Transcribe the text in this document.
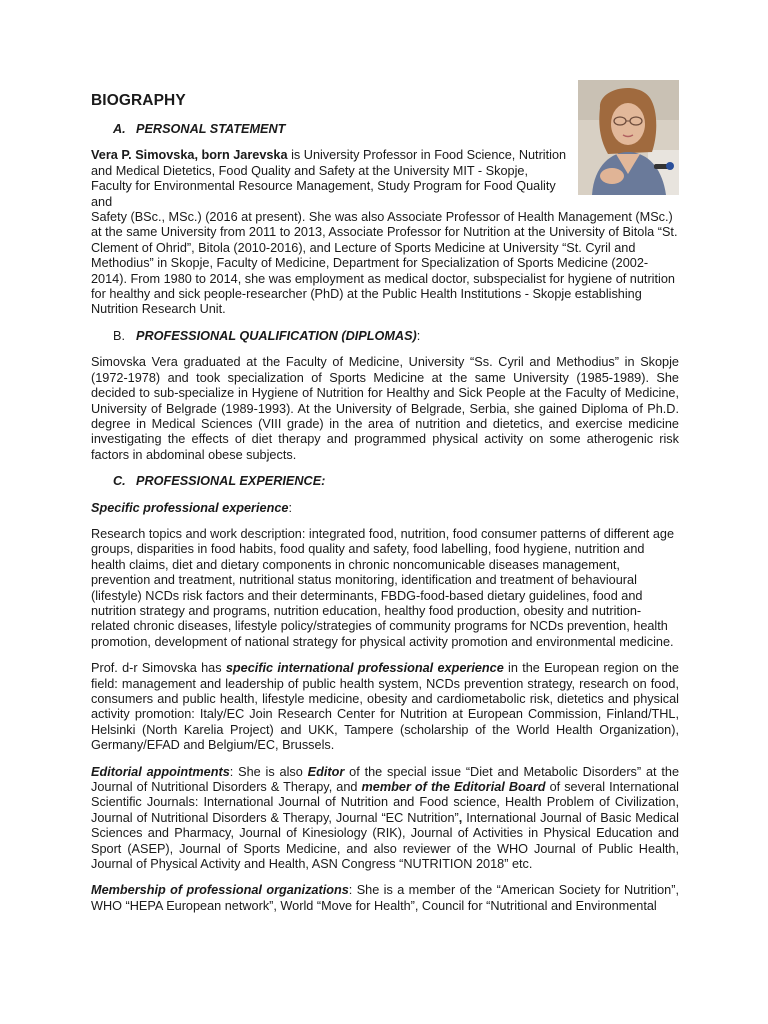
BIOGRAPHY
A. PERSONAL STATEMENT

Vera P. Simovska, born Jarevska is University Professor in Food Science, Nutrition and Medical Dietetics, Food Quality and Safety at the University MIT - Skopje, Faculty for Environmental Resource Management, Study Program for Food Quality and

Safety (BSc., MSc.) (2016 at present). She was also Associate Professor of Health Management (MSc.) at the same University from 2011 to 2013, Associate Professor for Nutrition at the University of Bitola “St. Clement of Ohrid”, Bitola (2010-2016), and Lecture of Sports Medicine at University “St. Cyril and Methodius” in Skopje, Faculty of Medicine, Department for Specialization of Sports Medicine (2002-2014). From 1980 to 2014, she was employment as medical doctor, subspecialist for hygiene of nutrition for healthy and sick people-researcher (PhD) at the Public Health Institutions - Skopje establishing Nutrition Research Unit.

B. PROFESSIONAL QUALIFICATION (DIPLOMAS):

Simovska Vera graduated at the Faculty of Medicine, University “Ss. Cyril and Methodius” in Skopje (1972-1978) and took specialization of Sports Medicine at the same University (1985-1989). She decided to sub-specialize in Hygiene of Nutrition for Healthy and Sick People at the Faculty of Medicine, University of Belgrade (1989-1993). At the University of Belgrade, Serbia, she gained Diploma of Ph.D. degree in Medical Sciences (VIII grade) in the area of nutrition and dietetics, and exercise medicine investigating the effects of diet therapy and programmed physical activity on some atherogenic risk factors in abdominal obese subjects.

C. PROFESSIONAL EXPERIENCE:

Specific professional experience:

Research topics and work description: integrated food, nutrition, food consumer patterns of different age groups, disparities in food habits, food quality and safety, food labelling, food hygiene, nutrition and health claims, diet and dietary components in chronic noncomunicable diseases management, prevention and treatment, nutritional status monitoring, identification and treatment of behavioural (lifestyle) NCDs risk factors and their determinants, FBDG-food-based dietary guidelines, food and nutrition strategy and programs, nutrition education, healthy food production, obesity and nutrition-related chronic diseases, lifestyle policy/strategies of community programs for NCDs prevention, health promotion, development of national strategy for physical activity promotion and environmental medicine.

Prof. d-r Simovska has specific international professional experience in the European region on the field: management and leadership of public health system, NCDs prevention strategy, research on food, consumers and public health, lifestyle medicine, obesity and cardiometabolic risk, dietetics and physical activity promotion: Italy/EC Join Research Center for Nutrition at European Commission, Finland/THL, Helsinki (North Karelia Project) and UKK, Tampere (scholarship of the World Health Organization), Germany/EFAD and Belgium/EC, Brussels.

Editorial appointments: She is also Editor of the special issue “Diet and Metabolic Disorders” at the Journal of Nutritional Disorders & Therapy, and member of the Editorial Board of several International Scientific Journals: International Journal of Nutrition and Food science, Health Problem of Civilization, Journal of Nutritional Disorders & Therapy, Journal “EC Nutrition”, International Journal of Basic Medical Sciences and Pharmacy, Journal of Kinesiology (RIK), Journal of Activities in Physical Education and Sport (ASEP), Journal of Sports Medicine, and also reviewer of the WHO Journal of Public Health, Journal of Physical Activity and Health, ASN Congress “NUTRITION 2018” etc.

Membership of professional organizations: She is a member of the “American Society for Nutrition”, WHO “HEPA European network”, World “Move for Health”, Council for “Nutritional and Environmental
